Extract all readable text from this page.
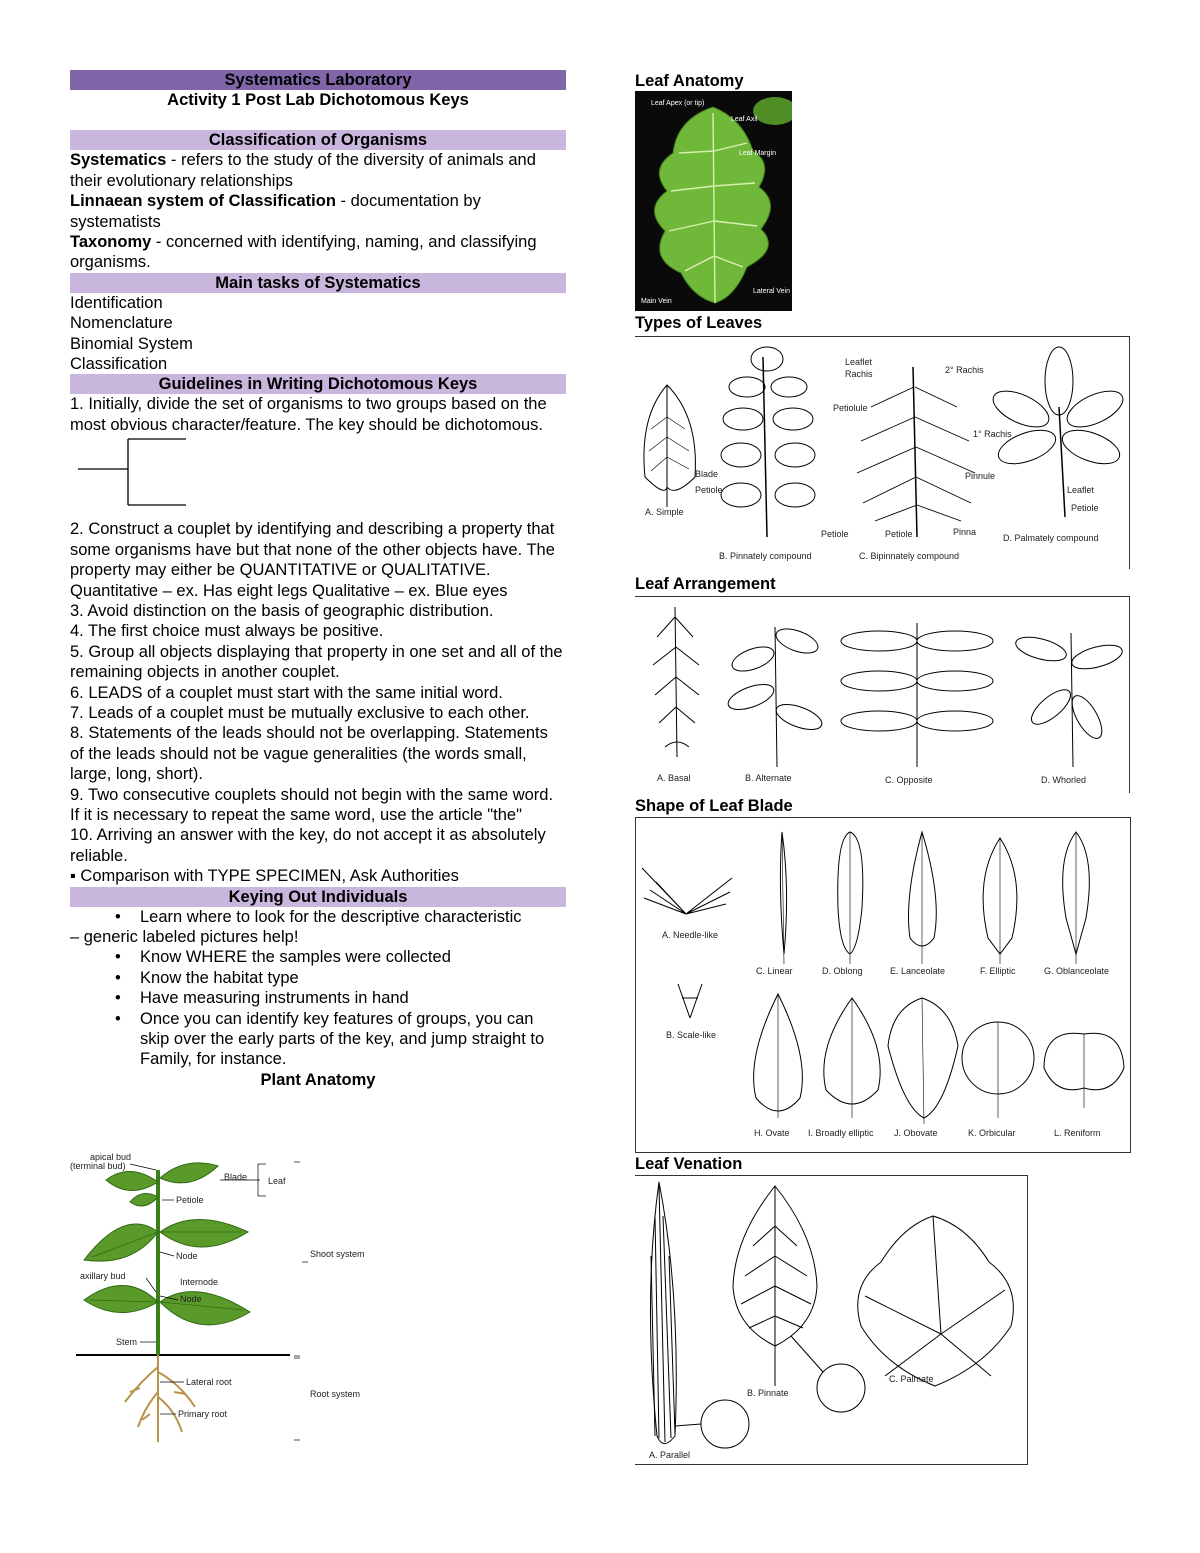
Systematics Laboratory
Activity 1 Post Lab Dichotomous Keys
Classification of Organisms

Systematics - refers to the study of the diversity of animals and their evolutionary relationships

Linnaean system of Classification - documentation by systematists

Taxonomy - concerned with identifying, naming, and classifying organisms.

Main tasks of Systematics

Identification

Nomenclature

Binomial System

Classification

Guidelines in Writing Dichotomous Keys

1. Initially, divide the set of organisms to two groups based on the most obvious character/feature. The key should be dichotomous.

2. Construct a couplet by identifying and describing a property that some organisms have but that none of the other objects have. The property may either be QUANTITATIVE or QUALITATIVE.

Quantitative – ex. Has eight legs Qualitative – ex. Blue eyes

3. Avoid distinction on the basis of geographic distribution.

4. The first choice must always be positive.

5. Group all objects displaying that property in one set and all of the remaining objects in another couplet.

6. LEADS of a couplet must start with the same initial word.

7. Leads of a couplet must be mutually exclusive to each other.

8. Statements of the leads should not be overlapping. Statements of the leads should not be vague generalities (the words small, large, long, short).

9. Two consecutive couplets should not begin with the same word. If it is necessary to repeat the same word, use the article "the"

10. Arriving an answer with the key, do not accept it as absolutely reliable.

▪ Comparison with TYPE SPECIMEN, Ask Authorities

Keying Out Individuals
• Learn where to look for the descriptive characteristic

– generic labeled pictures help!

• Know WHERE the samples were collected
• Know the habitat type
• Have measuring instruments in hand
• Once you can identify key features of groups, you can skip over the early parts of the key, and jump straight to Family, for instance.
Plant Anatomy
apical bud
(terminal bud)
Blade Leaf
Petiole
Node
axillary bud
Internode
Node
Stem
Shoot system
Lateral root
Primary root
Root system
Leaf Anatomy
Leaf Apex (or tip)
Leaf Axil
Leaf Margin
Main Vein
Lateral Vein
Types of Leaves
Leaflet
Rachis	2° Rachis
Petiolule
1° Rachis
Pinnule
Blade
Petiole
Petiole	Pinna
Leaflet
Petiole
Petiole
A. Simple
B. Pinnately compound	C. Bipinnately compound
D. Palmately compound
Leaf Arrangement
A. Basal	B. Alternate	C. Opposite	D. Whorled
Shape of Leaf Blade
A. Needle-like
B. Scale-like
C. Linear	D. Oblong	E. Lanceolate	F. Elliptic	G. Oblanceolate
H. Ovate I. Broadly elliptic J. Obovate	K. Orbicular	L. Reniform
Leaf Venation
A. Parallel
B. Pinnate
C. Palmate
